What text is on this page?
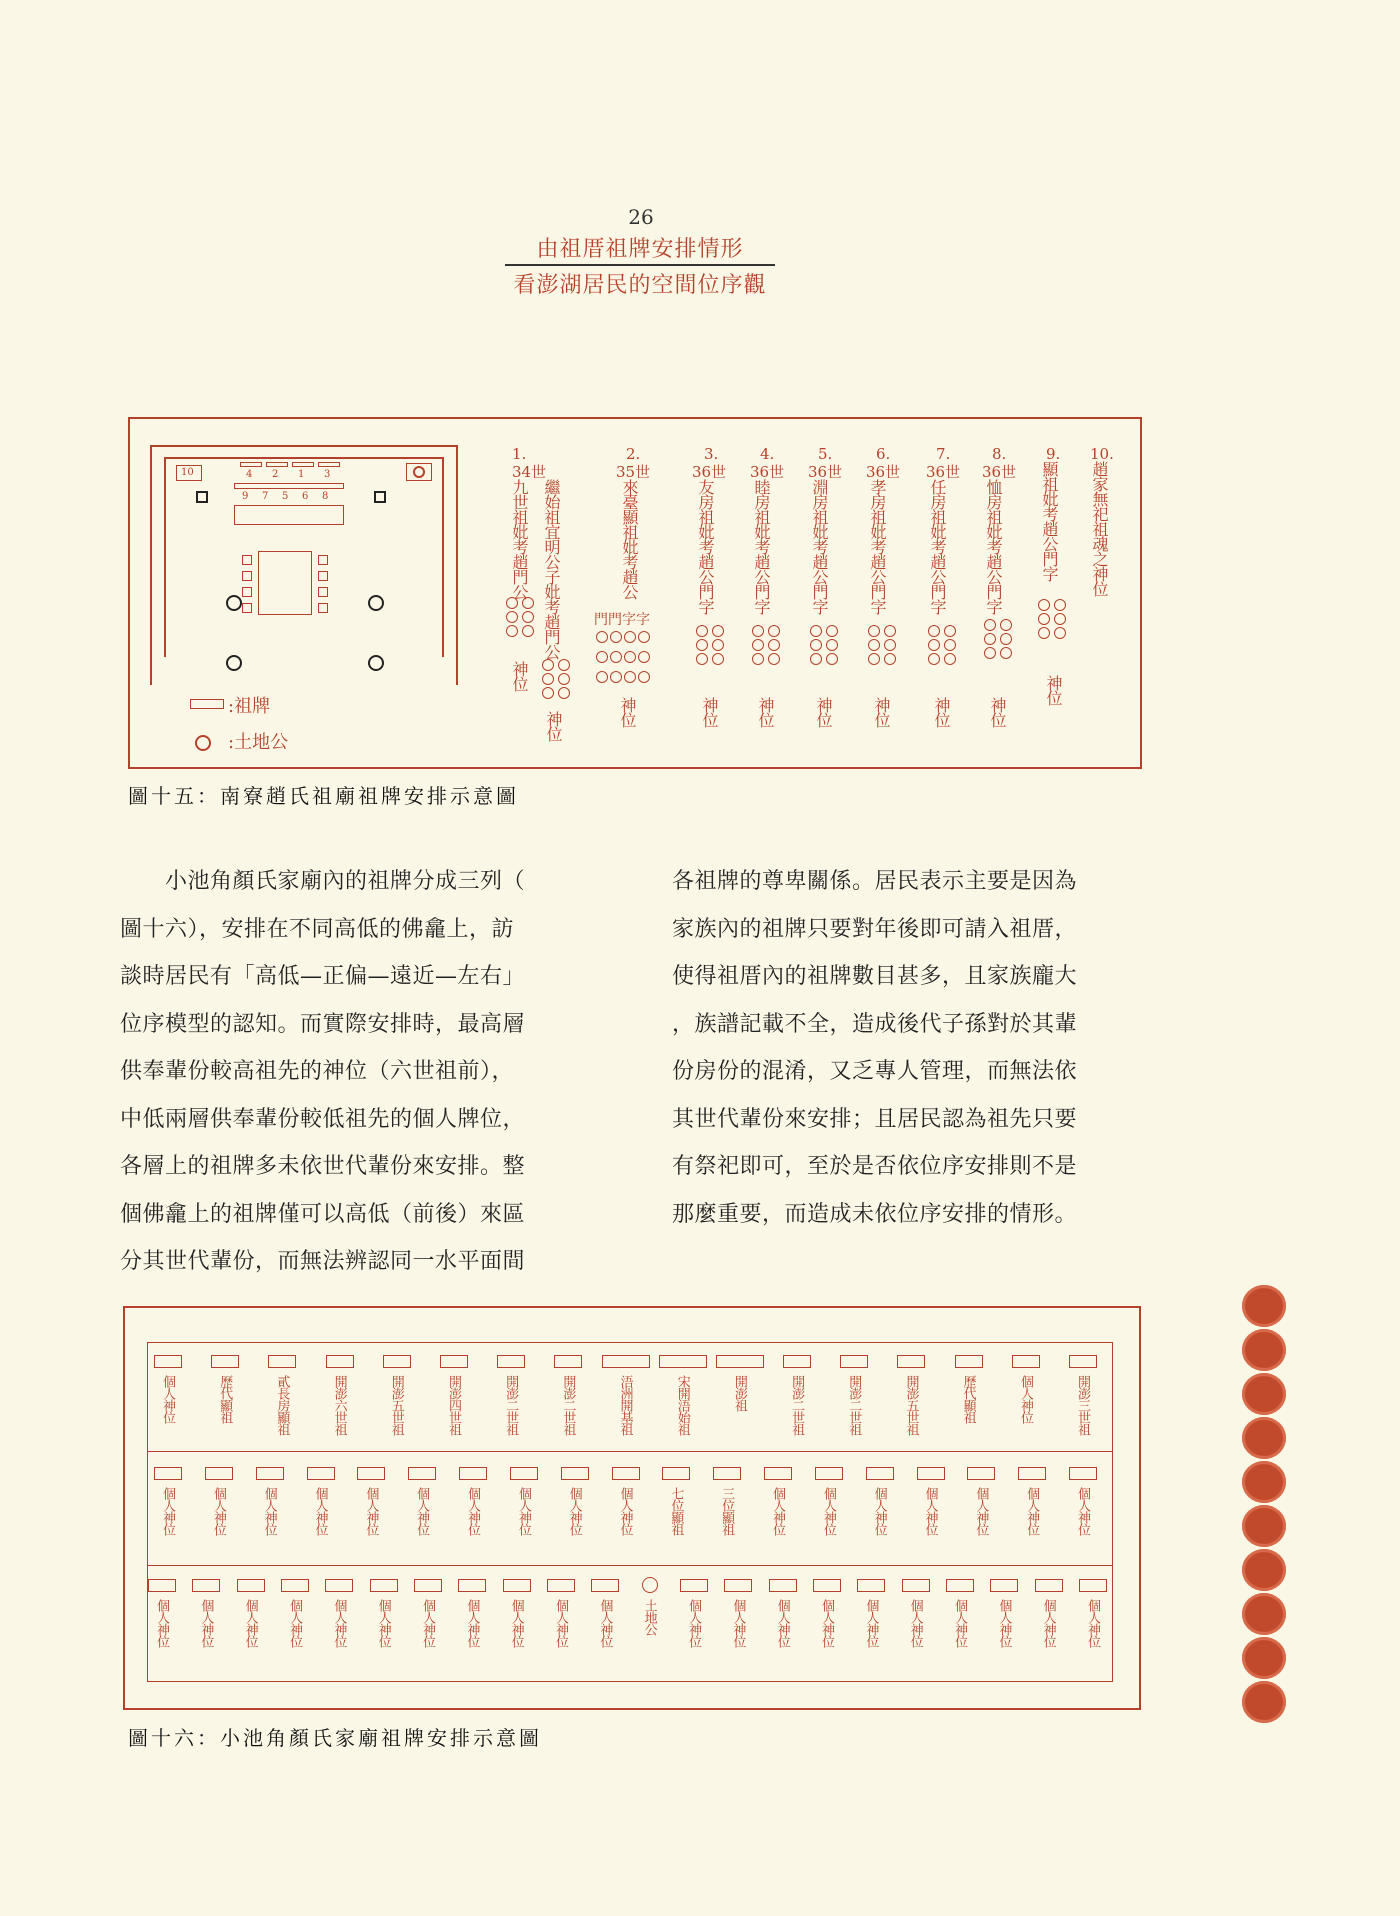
26
由祖厝祖牌安排情形
看澎湖居民的空間位序觀
10	4 2 1 3
9 7 5 6 8
:祖牌
:土地公
1.
34世
九世祖妣考趙門公
神位
繼始祖宜明公子妣考趙門公
神位
2.
35世
來臺顯祖妣考趙公
門門字字
神位
3.
36世
友房祖妣考趙公門字
神位
4.
36世
睦房祖妣考趙公門字
神位
5.
36世
淵房祖妣考趙公門字
神位
6.
36世
孝房祖妣考趙公門字
神位
7.
36世
任房祖妣考趙公門字
神位
8.
36世
恤房祖妣考趙公門字
神位
9.
顯祖妣考趙公門字
神位
10.
趙家無祀祖魂之神位
圖十五：南寮趙氏祖廟祖牌安排示意圖
　　小池角顏氏家廟內的祖牌分成三列（
圖十六），安排在不同高低的佛龕上，訪
談時居民有「高低—正偏—遠近—左右」
位序模型的認知。而實際安排時，最高層
供奉輩份較高祖先的神位（六世祖前），
中低兩層供奉輩份較低祖先的個人牌位，
各層上的祖牌多未依世代輩份來安排。整
個佛龕上的祖牌僅可以高低（前後）來區
分其世代輩份，而無法辨認同一水平面間
各祖牌的尊卑關係。居民表示主要是因為
家族內的祖牌只要對年後即可請入祖厝，
使得祖厝內的祖牌數目甚多，且家族龐大
，族譜記載不全，造成後代子孫對於其輩
份房份的混淆，又乏專人管理，而無法依
其世代輩份來安排；且居民認為祖先只要
有祭祀即可，至於是否依位序安排則不是
那麼重要，而造成未依位序安排的情形。
個人神位	歷代顯祖	貳長房顯祖	開澎六世祖	開澎五世祖	開澎四世祖	開澎二世祖	開澎二世祖	浯洲開基祖	宋開浯始祖	開澎祖	開澎二世祖	開澎二世祖	開澎五世祖	歷代顯祖	個人神位	開澎三世祖
個人神位	個人神位	個人神位	個人神位	個人神位	個人神位	個人神位	個人神位	個人神位	個人神位	七位顯祖	三位顯祖	個人神位	個人神位	個人神位	個人神位	個人神位	個人神位	個人神位
個人神位 個人神位 個人神位 個人神位 個人神位 個人神位 個人神位 個人神位 個人神位 個人神位 個人神位 土地公 個人神位 個人神位 個人神位 個人神位 個人神位 個人神位 個人神位 個人神位 個人神位 個人神位
圖十六：小池角顏氏家廟祖牌安排示意圖
